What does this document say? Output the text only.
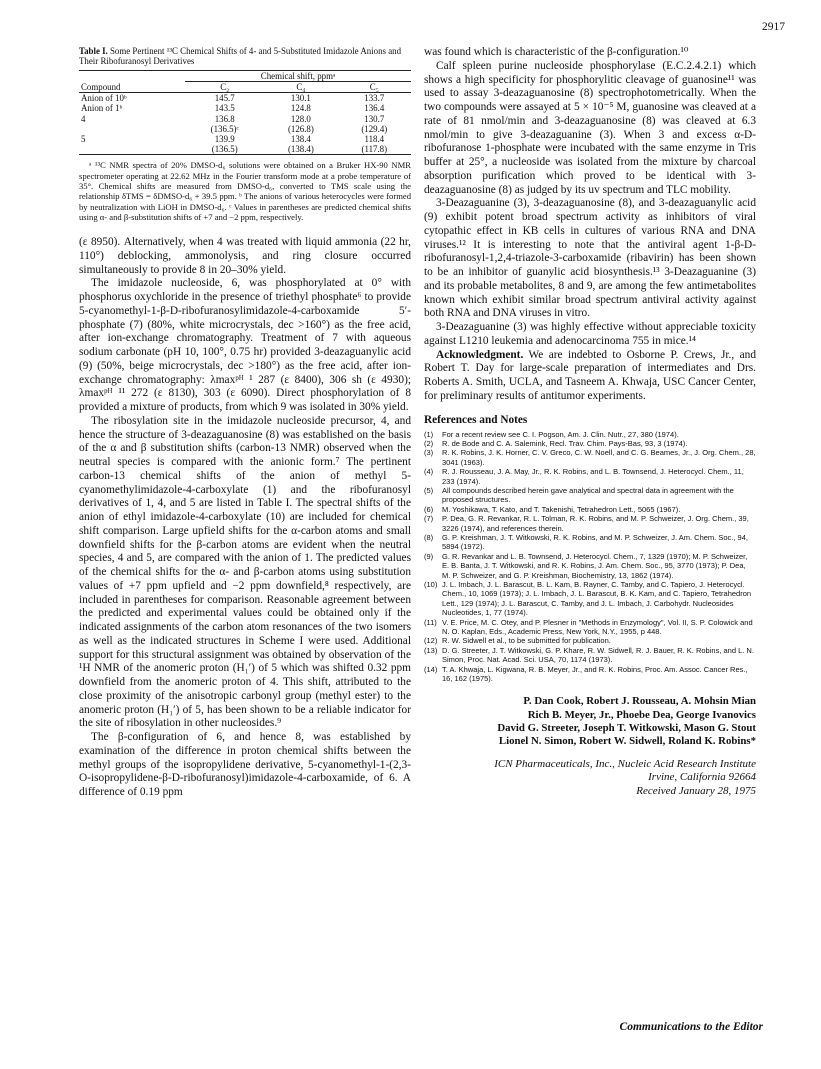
2917
Table I. Some Pertinent ¹³C Chemical Shifts of 4- and 5-Substituted Imidazole Anions and Their Ribofuranosyl Derivatives
	Chemical shift, ppmᵃ		
Compound	C₂	C₄	C₅
Anion of 10ᵇ	145.7	130.1	133.7
Anion of 1ᵇ	143.5	124.8	136.4
4	136.8	128.0	130.7
	(136.5)ᶜ	(126.8)	(129.4)
5	139.9	138.4	118.4
	(136.5)	(138.4)	(117.8)

ᵃ ¹³C NMR spectra of 20% DMSO-d₆ solutions were obtained on a Bruker HX-90 NMR spectrometer operating at 22.62 MHz in the Fourier transform mode at a probe temperature of 35°. Chemical shifts are measured from DMSO-d₆, converted to TMS scale using the relationship δTMS = δDMSO-d₆ + 39.5 ppm. ᵇ The anions of various heterocycles were formed by neutralization with LiOH in DMSO-d₆. ᶜ Values in parentheses are predicted chemical shifts using α- and β-substitution shifts of +7 and −2 ppm, respectively.

(ε 8950). Alternatively, when 4 was treated with liquid ammonia (22 hr, 110°) deblocking, ammonolysis, and ring closure occurred simultaneously to provide 8 in 20–30% yield.

The imidazole nucleoside, 6, was phosphorylated at 0° with phosphorus oxychloride in the presence of triethyl phosphate⁶ to provide 5-cyanomethyl-1-β-D-ribofuranosylimidazole-4-carboxamide 5′-phosphate (7) (80%, white microcrystals, dec >160°) as the free acid, after ion-exchange chromatography. Treatment of 7 with aqueous sodium carbonate (pH 10, 100°, 0.75 hr) provided 3-deazaguanylic acid (9) (50%, beige microcrystals, dec >180°) as the free acid, after ion-exchange chromatography: λmaxᵖᴴ ¹ 287 (ε 8400), 306 sh (ε 4930); λmaxᵖᴴ ¹¹ 272 (ε 8130), 303 (ε 6090). Direct phosphorylation of 8 provided a mixture of products, from which 9 was isolated in 30% yield.

The ribosylation site in the imidazole nucleoside precursor, 4, and hence the structure of 3-deazaguanosine (8) was established on the basis of the α and β substitution shifts (carbon-13 NMR) observed when the neutral species is compared with the anionic form.⁷ The pertinent carbon-13 chemical shifts of the anion of methyl 5-cyanomethylimidazole-4-carboxylate (1) and the ribofuranosyl derivatives of 1, 4, and 5 are listed in Table I. The spectral shifts of the anion of ethyl imidazole-4-carboxylate (10) are included for chemical shift comparison. Large upfield shifts for the α-carbon atoms and small downfield shifts for the β-carbon atoms are evident when the neutral species, 4 and 5, are compared with the anion of 1. The predicted values of the chemical shifts for the α- and β-carbon atoms using substitution values of +7 ppm upfield and −2 ppm downfield,⁸ respectively, are included in parentheses for comparison. Reasonable agreement between the predicted and experimental values could be obtained only if the indicated assignments of the carbon atom resonances of the two isomers as well as the indicated structures in Scheme I were used. Additional support for this structural assignment was obtained by observation of the ¹H NMR of the anomeric proton (H₁′) of 5 which was shifted 0.32 ppm downfield from the anomeric proton of 4. This shift, attributed to the close proximity of the anisotropic carbonyl group (methyl ester) to the anomeric proton (H₁′) of 5, has been shown to be a reliable indicator for the site of ribosylation in other nucleosides.⁹

The β-configuration of 6, and hence 8, was established by examination of the difference in proton chemical shifts between the methyl groups of the isopropylidene derivative, 5-cyanomethyl-1-(2,3-O-isopropylidene-β-D-ribofuranosyl)imidazole-4-carboxamide, of 6. A difference of 0.19 ppm

was found which is characteristic of the β-configuration.¹⁰

Calf spleen purine nucleoside phosphorylase (E.C.2.4.2.1) which shows a high specificity for phosphorylitic cleavage of guanosine¹¹ was used to assay 3-deazaguanosine (8) spectrophotometrically. When the two compounds were assayed at 5 × 10⁻⁵ M, guanosine was cleaved at a rate of 81 nmol/min and 3-deazaguanosine (8) was cleaved at 6.3 nmol/min to give 3-deazaguanine (3). When 3 and excess α-D-ribofuranose 1-phosphate were incubated with the same enzyme in Tris buffer at 25°, a nucleoside was isolated from the mixture by charcoal absorption purification which proved to be identical with 3-deazaguanosine (8) as judged by its uv spectrum and TLC mobility.

3-Deazaguanine (3), 3-deazaguanosine (8), and 3-deazaguanylic acid (9) exhibit potent broad spectrum activity as inhibitors of viral cytopathic effect in KB cells in cultures of various RNA and DNA viruses.¹² It is interesting to note that the antiviral agent 1-β-D-ribofuranosyl-1,2,4-triazole-3-carboxamide (ribavirin) has been shown to be an inhibitor of guanylic acid biosynthesis.¹³ 3-Deazaguanine (3) and its probable metabolites, 8 and 9, are among the few antimetabolites known which exhibit similar broad spectrum antiviral activity against both RNA and DNA viruses in vitro.

3-Deazaguanine (3) was highly effective without appreciable toxicity against L1210 leukemia and adenocarcinoma 755 in mice.¹⁴

Acknowledgment. We are indebted to Osborne P. Crews, Jr., and Robert T. Day for large-scale preparation of intermediates and Drs. Roberts A. Smith, UCLA, and Tasneem A. Khwaja, USC Cancer Center, for preliminary results of antitumor experiments.

References and Notes
(1)	For a recent review see C. I. Pogson, Am. J. Clin. Nutr., 27, 380 (1974).
(2)	R. de Bode and C. A. Salemink, Recl. Trav. Chim. Pays-Bas, 93, 3 (1974).
(3)	R. K. Robins, J. K. Horner, C. V. Greco, C. W. Noell, and C. G. Beames, Jr., J. Org. Chem., 28, 3041 (1963).
(4)	R. J. Rousseau, J. A. May, Jr., R. K. Robins, and L. B. Townsend, J. Heterocycl. Chem., 11, 233 (1974).
(5)	All compounds described herein gave analytical and spectral data in agreement with the proposed structures.
(6)	M. Yoshikawa, T. Kato, and T. Takenishi, Tetrahedron Lett., 5065 (1967).
(7)	P. Dea, G. R. Revankar, R. L. Tolman, R. K. Robins, and M. P. Schweizer, J. Org. Chem., 39, 3226 (1974), and references therein.
(8)	G. P. Kreishman, J. T. Witkowski, R. K. Robins, and M. P. Schweizer, J. Am. Chem. Soc., 94, 5894 (1972).
(9)	G. R. Revankar and L. B. Townsend, J. Heterocycl. Chem., 7, 1329 (1970); M. P. Schweizer, E. B. Banta, J. T. Witkowski, and R. K. Robins, J. Am. Chem. Soc., 95, 3770 (1973); P. Dea, M. P. Schweizer, and G. P. Kreishman, Biochemistry, 13, 1862 (1974).
(10) J. L. Imbach, J. L. Barascut, B. L. Kam, B. Rayner, C. Tamby, and C. Tapiero, J. Heterocycl. Chem., 10, 1069 (1973); J. L. Imbach, J. L. Barascut, B. K. Kam, and C. Tapiero, Tetrahedron Lett., 129 (1974); J. L. Barascut, C. Tamby, and J. L. Imbach, J. Carbohydr. Nucleosides Nucleotides, 1, 77 (1974).
(11) V. E. Price, M. C. Otey, and P. Plesner in "Methods in Enzymology", Vol. II, S. P. Colowick and N. O. Kaplan, Eds., Academic Press, New York, N.Y., 1955, p 448.
(12) R. W. Sidwell et al., to be submitted for publication.
(13) D. G. Streeter, J. T. Witkowski, G. P. Khare, R. W. Sidwell, R. J. Bauer, R. K. Robins, and L. N. Simon, Proc. Nat. Acad. Sci. USA, 70, 1174 (1973).
(14) T. A. Khwaja, L. Kigwana, R. B. Meyer, Jr., and R. K. Robins, Proc. Am. Assoc. Cancer Res., 16, 162 (1975).
P. Dan Cook, Robert J. Rousseau, A. Mohsin Mian
Rich B. Meyer, Jr., Phoebe Dea, George Ivanovics
David G. Streeter, Joseph T. Witkowski, Mason G. Stout
Lionel N. Simon, Robert W. Sidwell, Roland K. Robins*
ICN Pharmaceuticals, Inc., Nucleic Acid Research Institute
Irvine, California 92664
Received January 28, 1975
Communications to the Editor
